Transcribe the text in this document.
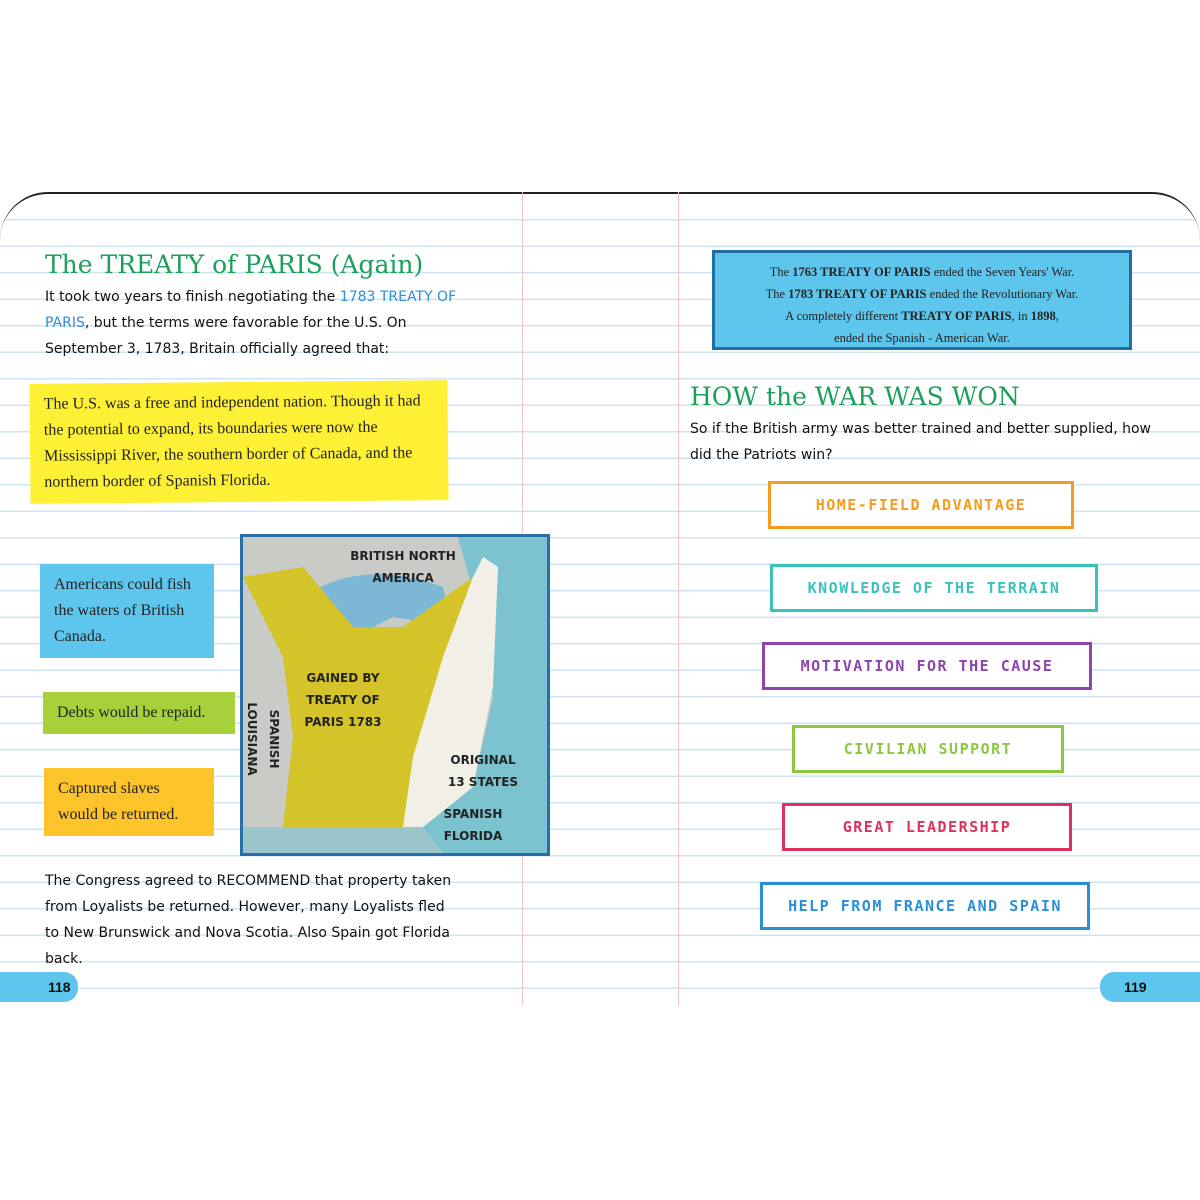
The TREATY of PARIS (Again)
It took two years to finish negotiating the 1783 TREATY OF PARIS, but the terms were favorable for the U.S. On September 3, 1783, Britain officially agreed that:
The U.S. was a free and independent nation. Though it had the potential to expand, its boundaries were now the Mississippi River, the southern border of Canada, and the northern border of Spanish Florida.
Americans could fish the waters of British Canada.
Debts would be repaid.
Captured slaves would be returned.
BRITISH NORTH AMERICA
GAINED BY TREATY OF PARIS 1783
SPANISH LOUISIANA	ORIGINAL 13 STATES
SPANISH FLORIDA
The Congress agreed to RECOMMEND that property taken from Loyalists be returned. However, many Loyalists fled to New Brunswick and Nova Scotia. Also Spain got Florida back.
118
The 1763 TREATY OF PARIS ended the Seven Years' War.
The 1783 TREATY OF PARIS ended the Revolutionary War.
A completely different TREATY OF PARIS, in 1898,
ended the Spanish - American War.
HOW the WAR WAS WON
So if the British army was better trained and better supplied, how did the Patriots win?
HOME-FIELD ADVANTAGE
KNOWLEDGE OF THE TERRAIN
MOTIVATION FOR THE CAUSE
CIVILIAN SUPPORT
GREAT LEADERSHIP
HELP FROM FRANCE AND SPAIN
119
